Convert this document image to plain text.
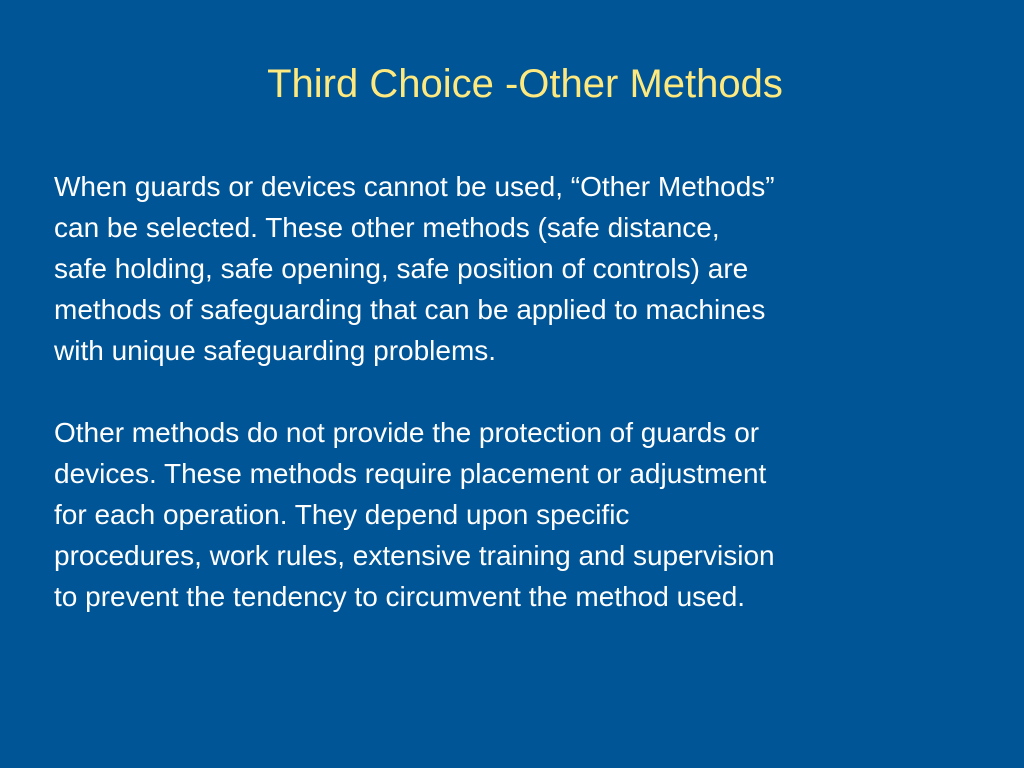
Third Choice -Other Methods

When guards or devices cannot be used, “Other Methods”
can be selected. These other methods (safe distance,
safe holding, safe opening, safe position of controls) are
methods of safeguarding that can be applied to machines
with unique safeguarding problems.

Other methods do not provide the protection of guards or
devices. These methods require placement or adjustment
for each operation. They depend upon specific
procedures, work rules, extensive training and supervision
to prevent the tendency to circumvent the method used.
